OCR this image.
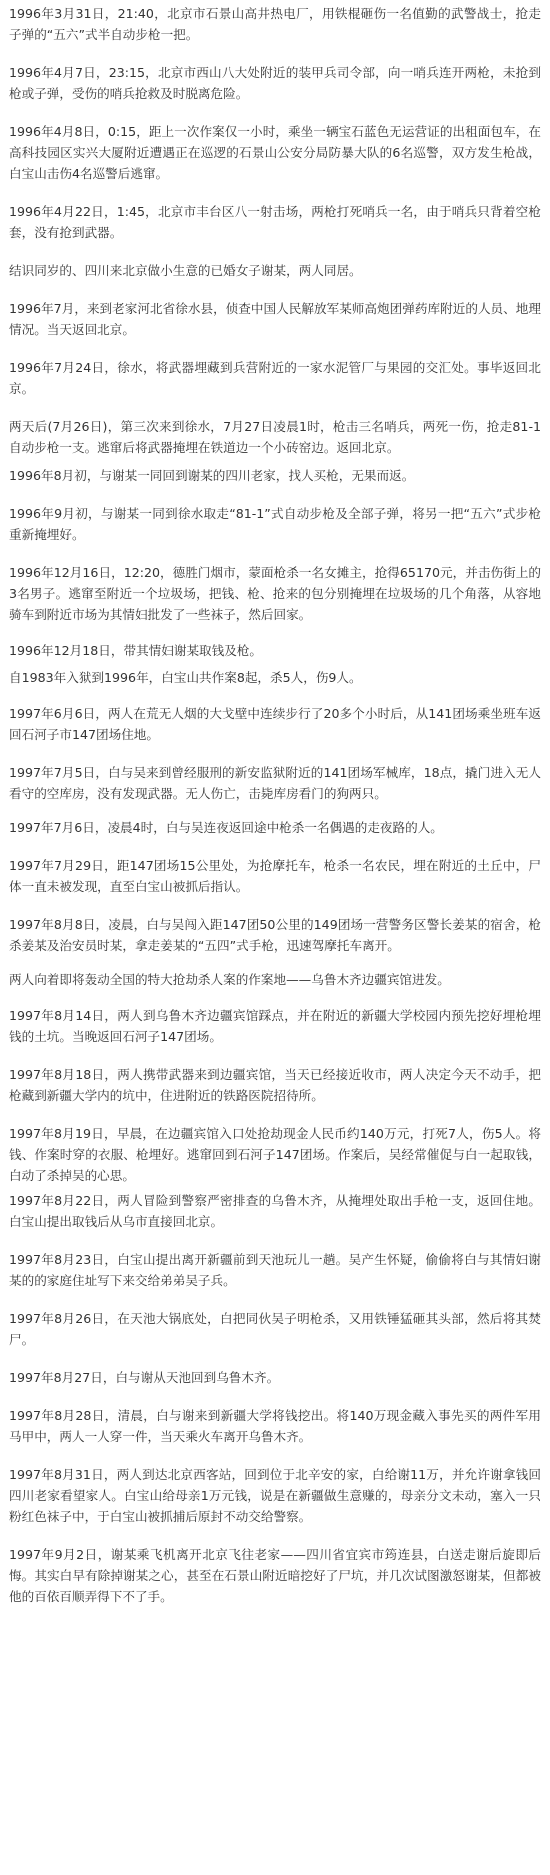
1996年3月31日，21:40，北京市石景山高井热电厂，用铁棍砸伤一名值勤的武警战士，抢走子弹的“五六”式半自动步枪一把。

1996年4月7日，23:15，北京市西山八大处附近的装甲兵司令部，向一哨兵连开两枪，未抢到枪或子弹，受伤的哨兵抢救及时脱离危险。

1996年4月8日，0:15，距上一次作案仅一小时，乘坐一辆宝石蓝色无运营证的出租面包车，在高科技园区实兴大厦附近遭遇正在巡逻的石景山公安分局防暴大队的6名巡警，双方发生枪战，白宝山击伤4名巡警后逃窜。

1996年4月22日，1:45，北京市丰台区八一射击场，两枪打死哨兵一名，由于哨兵只背着空枪套，没有抢到武器。

结识同岁的、四川来北京做小生意的已婚女子谢某，两人同居。

1996年7月，来到老家河北省徐水县，侦查中国人民解放军某师高炮团弹药库附近的人员、地理情况。当天返回北京。

1996年7月24日，徐水，将武器埋藏到兵营附近的一家水泥管厂与果园的交汇处。事毕返回北京。

两天后(7月26日)，第三次来到徐水，7月27日凌晨1时，枪击三名哨兵，两死一伤，抢走81-1自动步枪一支。逃窜后将武器掩埋在铁道边一个小砖窑边。返回北京。

1996年8月初，与谢某一同回到谢某的四川老家，找人买枪，无果而返。

1996年9月初，与谢某一同到徐水取走“81-1”式自动步枪及全部子弹，将另一把“五六”式步枪重新掩埋好。

1996年12月16日，12:20，德胜门烟市，蒙面枪杀一名女摊主，抢得65170元，并击伤街上的3名男子。逃窜至附近一个垃圾场，把钱、枪、抢来的包分别掩埋在垃圾场的几个角落，从容地骑车到附近市场为其情妇批发了一些袜子，然后回家。

1996年12月18日，带其情妇谢某取钱及枪。

自1983年入狱到1996年，白宝山共作案8起，杀5人，伤9人。

1997年6月6日，两人在荒无人烟的大戈壁中连续步行了20多个小时后，从141团场乘坐班车返回石河子市147团场住地。

1997年7月5日，白与吴来到曾经服刑的新安监狱附近的141团场军械库，18点，撬门进入无人看守的空库房，没有发现武器。无人伤亡，击毙库房看门的狗两只。

1997年7月6日，凌晨4时，白与吴连夜返回途中枪杀一名偶遇的走夜路的人。

1997年7月29日，距147团场15公里处，为抢摩托车，枪杀一名农民，埋在附近的土丘中，尸体一直未被发现，直至白宝山被抓后指认。

1997年8月8日，凌晨，白与吴闯入距147团50公里的149团场一营警务区警长姜某的宿舍，枪杀姜某及治安员时某，拿走姜某的“五四”式手枪，迅速驾摩托车离开。

两人向着即将轰动全国的特大抢劫杀人案的作案地——乌鲁木齐边疆宾馆进发。

1997年8月14日，两人到乌鲁木齐边疆宾馆踩点，并在附近的新疆大学校园内预先挖好埋枪埋钱的土坑。当晚返回石河子147团场。

1997年8月18日，两人携带武器来到边疆宾馆，当天已经接近收市，两人决定今天不动手，把枪藏到新疆大学内的坑中，住进附近的铁路医院招待所。

1997年8月19日，早晨，在边疆宾馆入口处抢劫现金人民币约140万元，打死7人，伤5人。将钱、作案时穿的衣服、枪埋好。逃窜回到石河子147团场。作案后，吴经常催促与白一起取钱，白动了杀掉吴的心思。

1997年8月22日，两人冒险到警察严密排查的乌鲁木齐，从掩埋处取出手枪一支，返回住地。白宝山提出取钱后从乌市直接回北京。

1997年8月23日，白宝山提出离开新疆前到天池玩儿一趟。吴产生怀疑，偷偷将白与其情妇谢某的的家庭住址写下来交给弟弟吴子兵。

1997年8月26日，在天池大锅底处，白把同伙吴子明枪杀，又用铁锤猛砸其头部，然后将其焚尸。

1997年8月27日，白与谢从天池回到乌鲁木齐。

1997年8月28日，清晨，白与谢来到新疆大学将钱挖出。将140万现金藏入事先买的两件军用马甲中，两人一人穿一件，当天乘火车离开乌鲁木齐。

1997年8月31日，两人到达北京西客站，回到位于北辛安的家，白给谢11万，并允许谢拿钱回四川老家看望家人。白宝山给母亲1万元钱，说是在新疆做生意赚的，母亲分文未动，塞入一只粉红色袜子中，于白宝山被抓捕后原封不动交给警察。

1997年9月2日，谢某乘飞机离开北京飞往老家——四川省宜宾市筠连县，白送走谢后旋即后悔。其实白早有除掉谢某之心，甚至在石景山附近暗挖好了尸坑，并几次试图激怒谢某，但都被他的百依百顺弄得下不了手。
